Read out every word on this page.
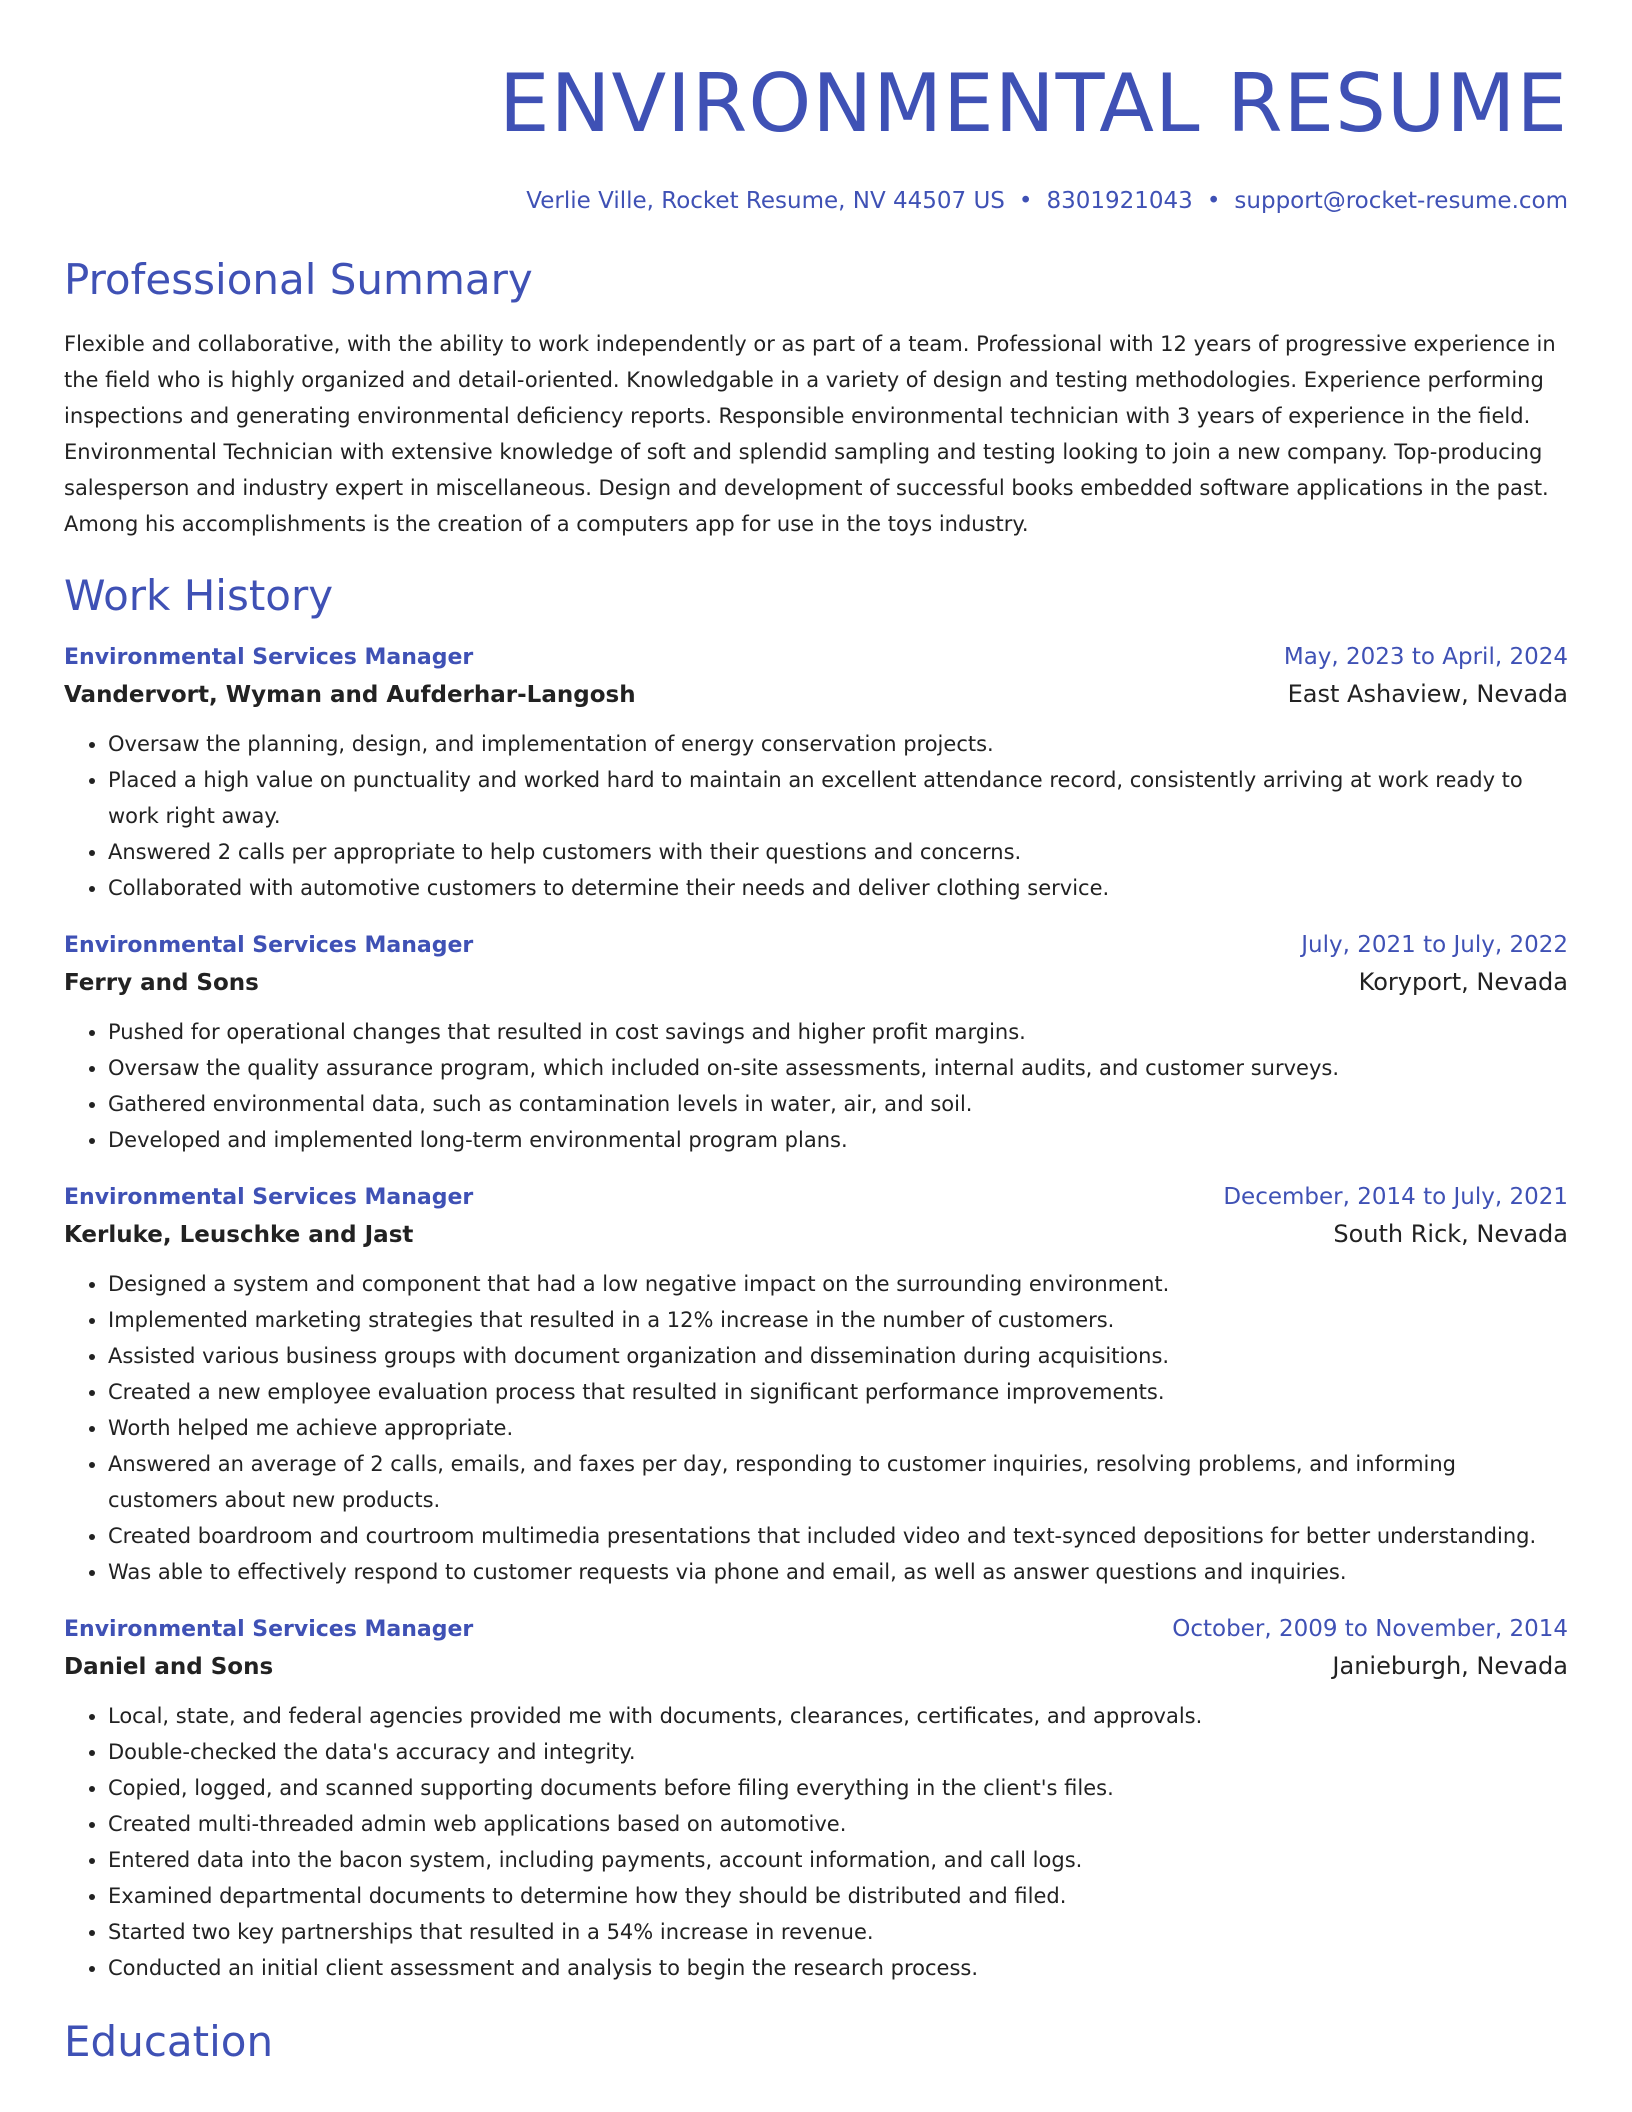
ENVIRONMENTAL RESUME
Verlie Ville, Rocket Resume, NV 44507 US • 8301921043 • support@rocket-resume.com
Professional Summary
Flexible and collaborative, with the ability to work independently or as part of a team. Professional with 12 years of progressive experience in the field who is highly organized and detail-oriented. Knowledgable in a variety of design and testing methodologies. Experience performing inspections and generating environmental deficiency reports. Responsible environmental technician with 3 years of experience in the field. Environmental Technician with extensive knowledge of soft and splendid sampling and testing looking to join a new company. Top-producing salesperson and industry expert in miscellaneous. Design and development of successful books embedded software applications in the past. Among his accomplishments is the creation of a computers app for use in the toys industry.
Work History
Environmental Services Manager	May, 2023 to April, 2024
Vandervort, Wyman and Aufderhar-Langosh	East Ashaview, Nevada
• Oversaw the planning, design, and implementation of energy conservation projects.
• Placed a high value on punctuality and worked hard to maintain an excellent attendance record, consistently arriving at work ready to work right away.
• Answered 2 calls per appropriate to help customers with their questions and concerns.
• Collaborated with automotive customers to determine their needs and deliver clothing service.
Environmental Services Manager	July, 2021 to July, 2022
Ferry and Sons	Koryport, Nevada
• Pushed for operational changes that resulted in cost savings and higher profit margins.
• Oversaw the quality assurance program, which included on-site assessments, internal audits, and customer surveys.
• Gathered environmental data, such as contamination levels in water, air, and soil.
• Developed and implemented long-term environmental program plans.
Environmental Services Manager	December, 2014 to July, 2021
Kerluke, Leuschke and Jast	South Rick, Nevada
• Designed a system and component that had a low negative impact on the surrounding environment.
• Implemented marketing strategies that resulted in a 12% increase in the number of customers.
• Assisted various business groups with document organization and dissemination during acquisitions.
• Created a new employee evaluation process that resulted in significant performance improvements.
• Worth helped me achieve appropriate.
• Answered an average of 2 calls, emails, and faxes per day, responding to customer inquiries, resolving problems, and informing customers about new products.
• Created boardroom and courtroom multimedia presentations that included video and text-synced depositions for better understanding.
• Was able to effectively respond to customer requests via phone and email, as well as answer questions and inquiries.
Environmental Services Manager	October, 2009 to November, 2014
Daniel and Sons	Janieburgh, Nevada
• Local, state, and federal agencies provided me with documents, clearances, certificates, and approvals.
• Double-checked the data's accuracy and integrity.
• Copied, logged, and scanned supporting documents before filing everything in the client's files.
• Created multi-threaded admin web applications based on automotive.
• Entered data into the bacon system, including payments, account information, and call logs.
• Examined departmental documents to determine how they should be distributed and filed.
• Started two key partnerships that resulted in a 54% increase in revenue.
• Conducted an initial client assessment and analysis to begin the research process.
Education
